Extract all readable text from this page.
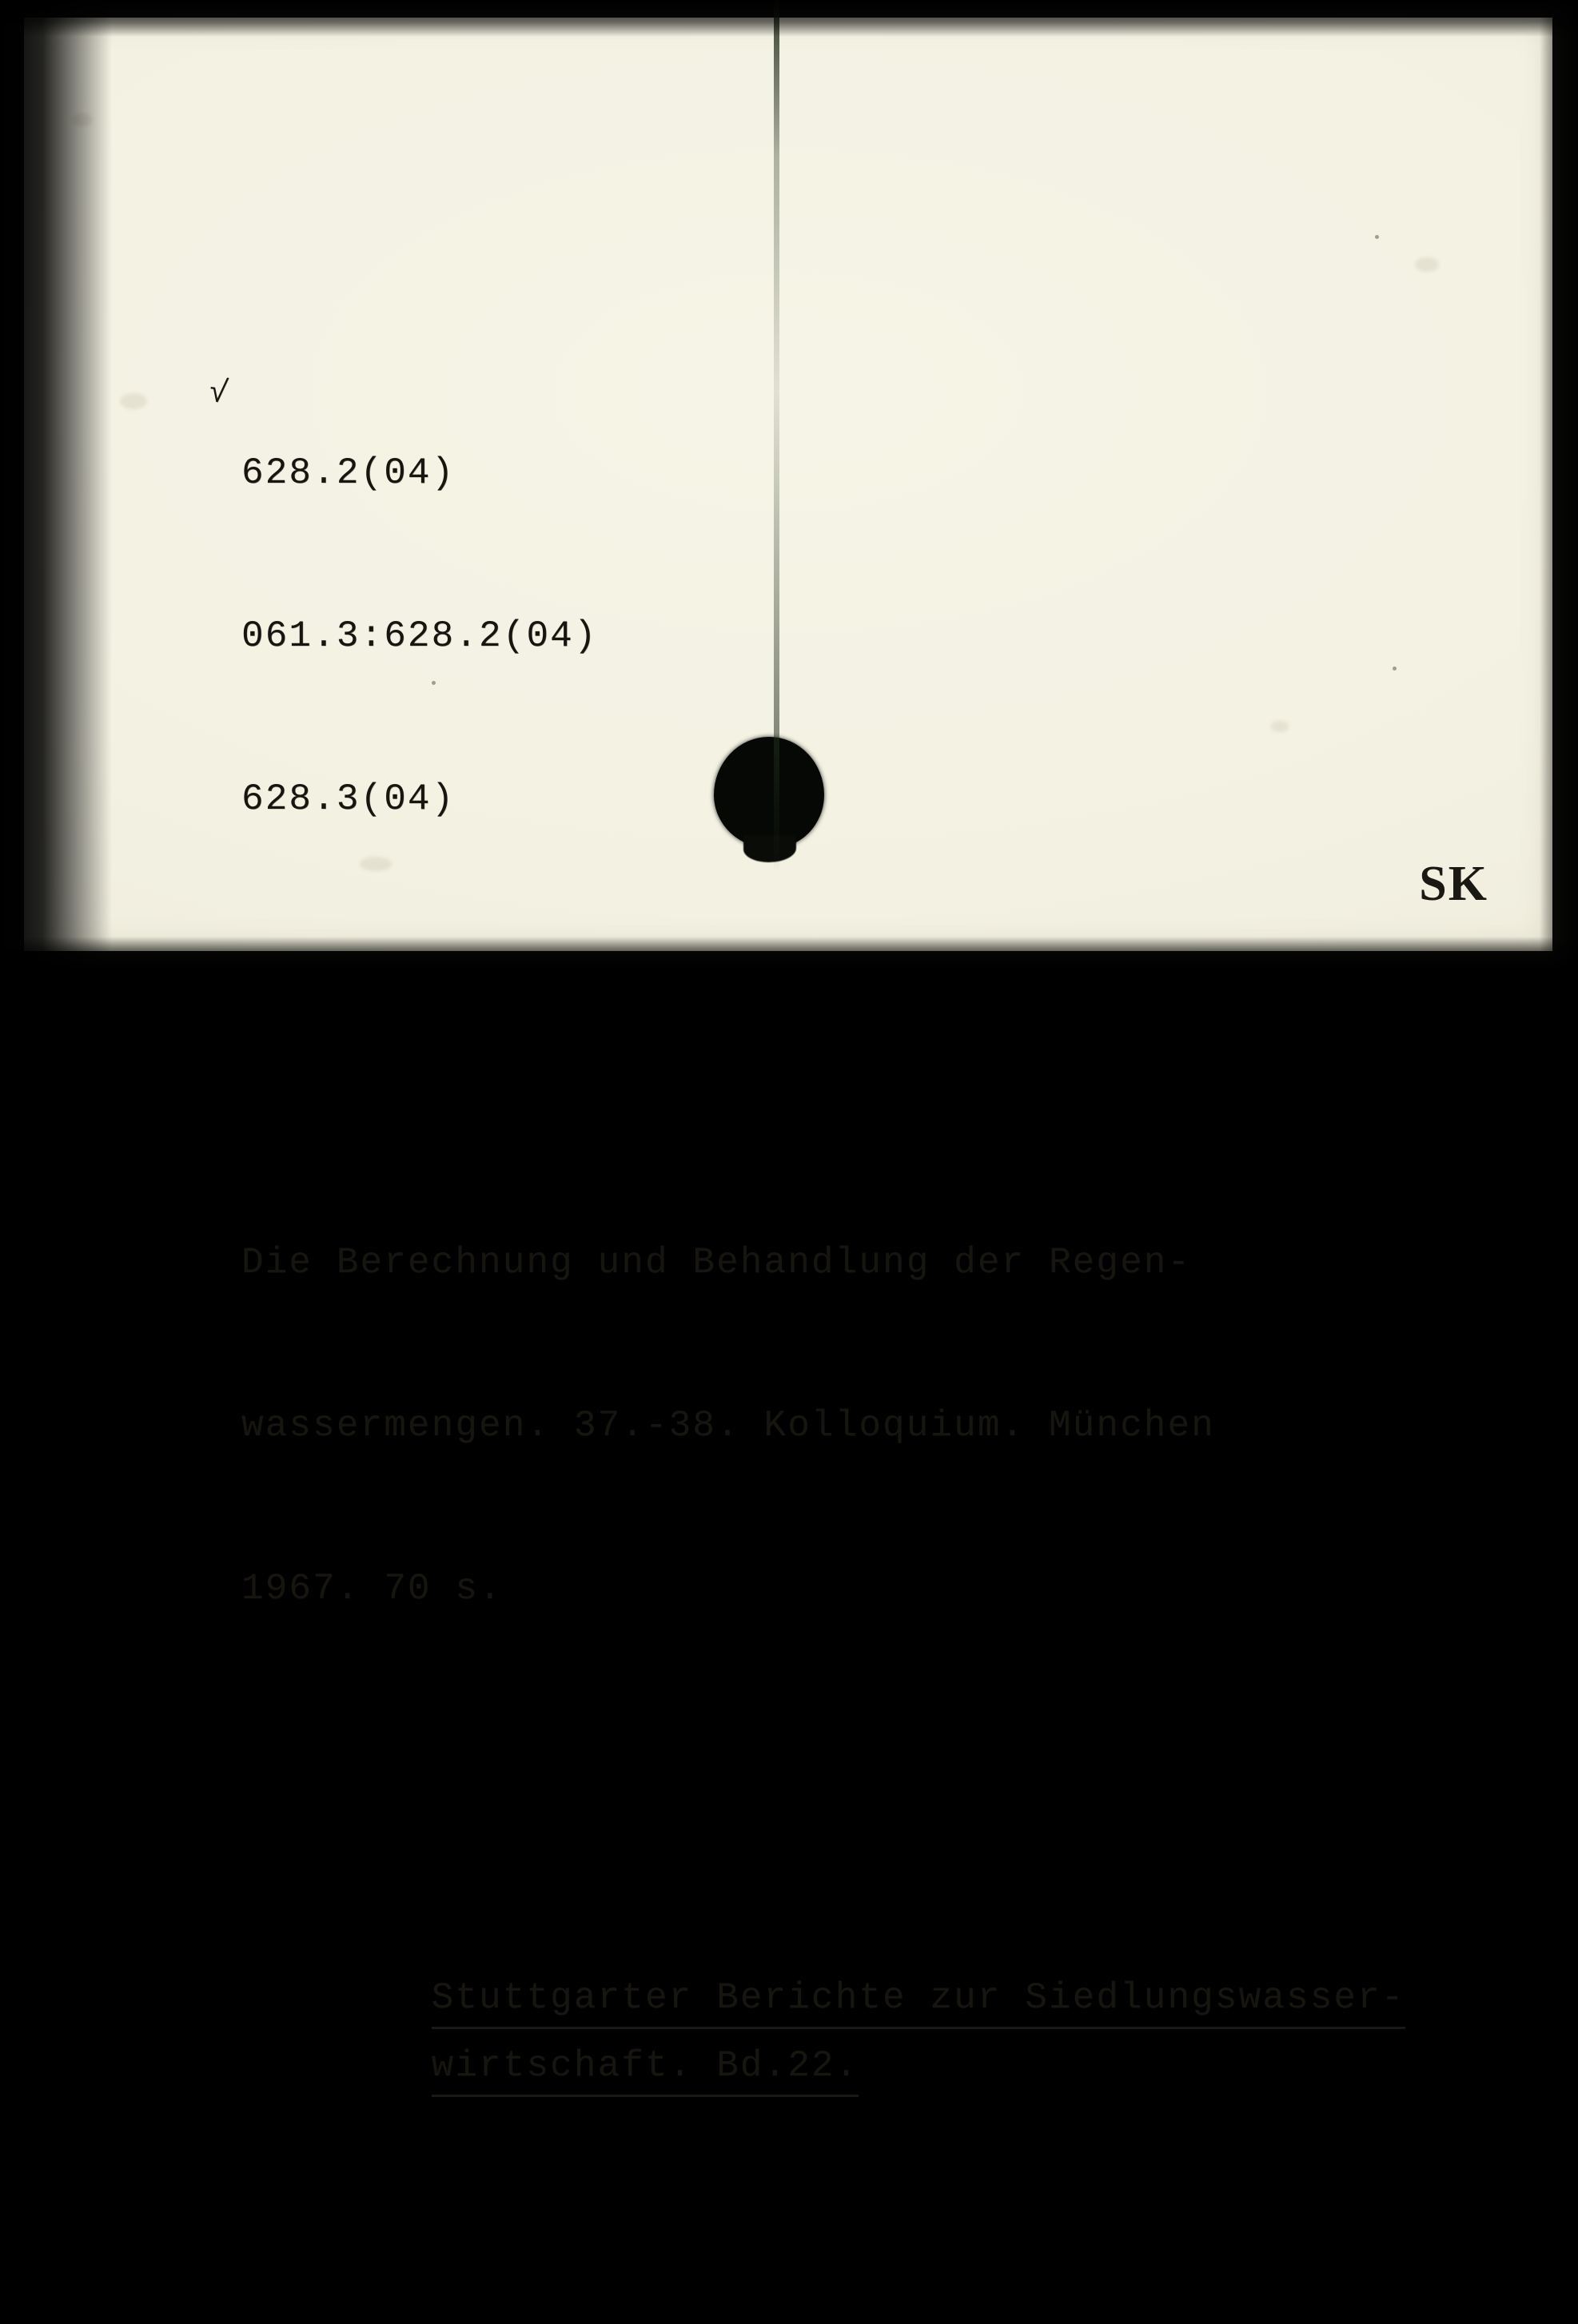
√

628.2(04)

061.3:628.2(04)

628.3(04)

Die Berechnung und Behandlung der Regen-

wassermengen. 37.-38. Kolloquium. München

1967. 70 s.

Stuttgarter Berichte zur Siedlungswasser-
wirtschaft. Bd.22.

SK
